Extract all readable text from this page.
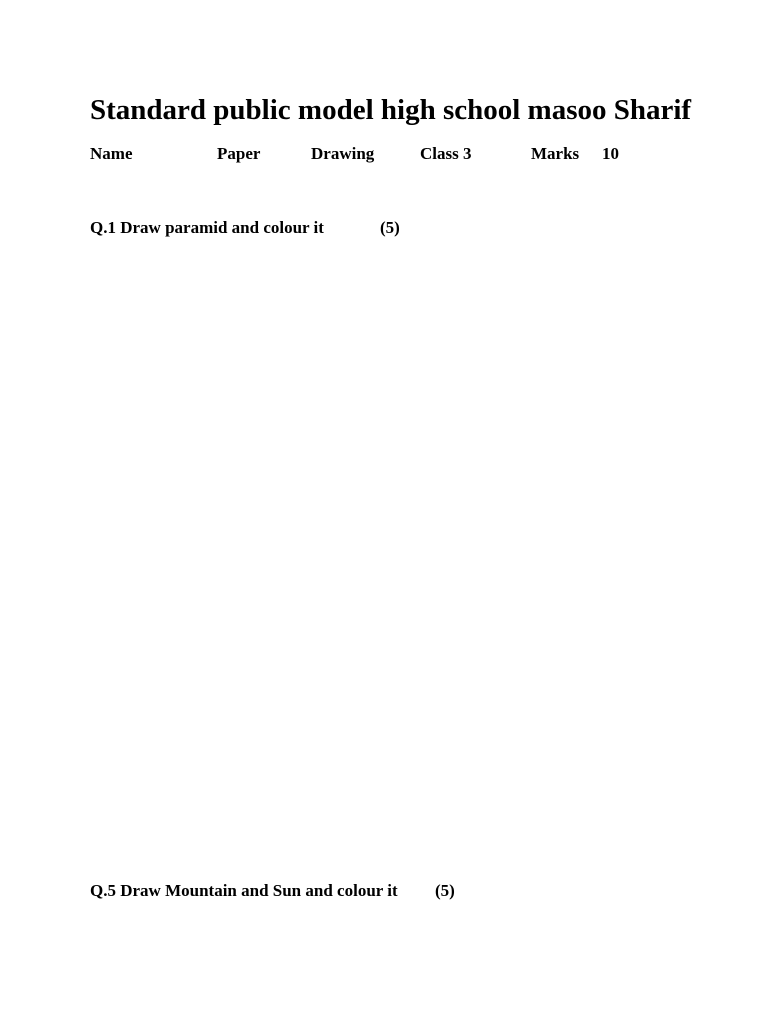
Standard public model high school masoo Sharif
Name	Paper	Drawing	Class 3	Marks 10
Q.1 Draw paramid and colour it	(5)
Q.5 Draw Mountain and Sun and colour it (5)
